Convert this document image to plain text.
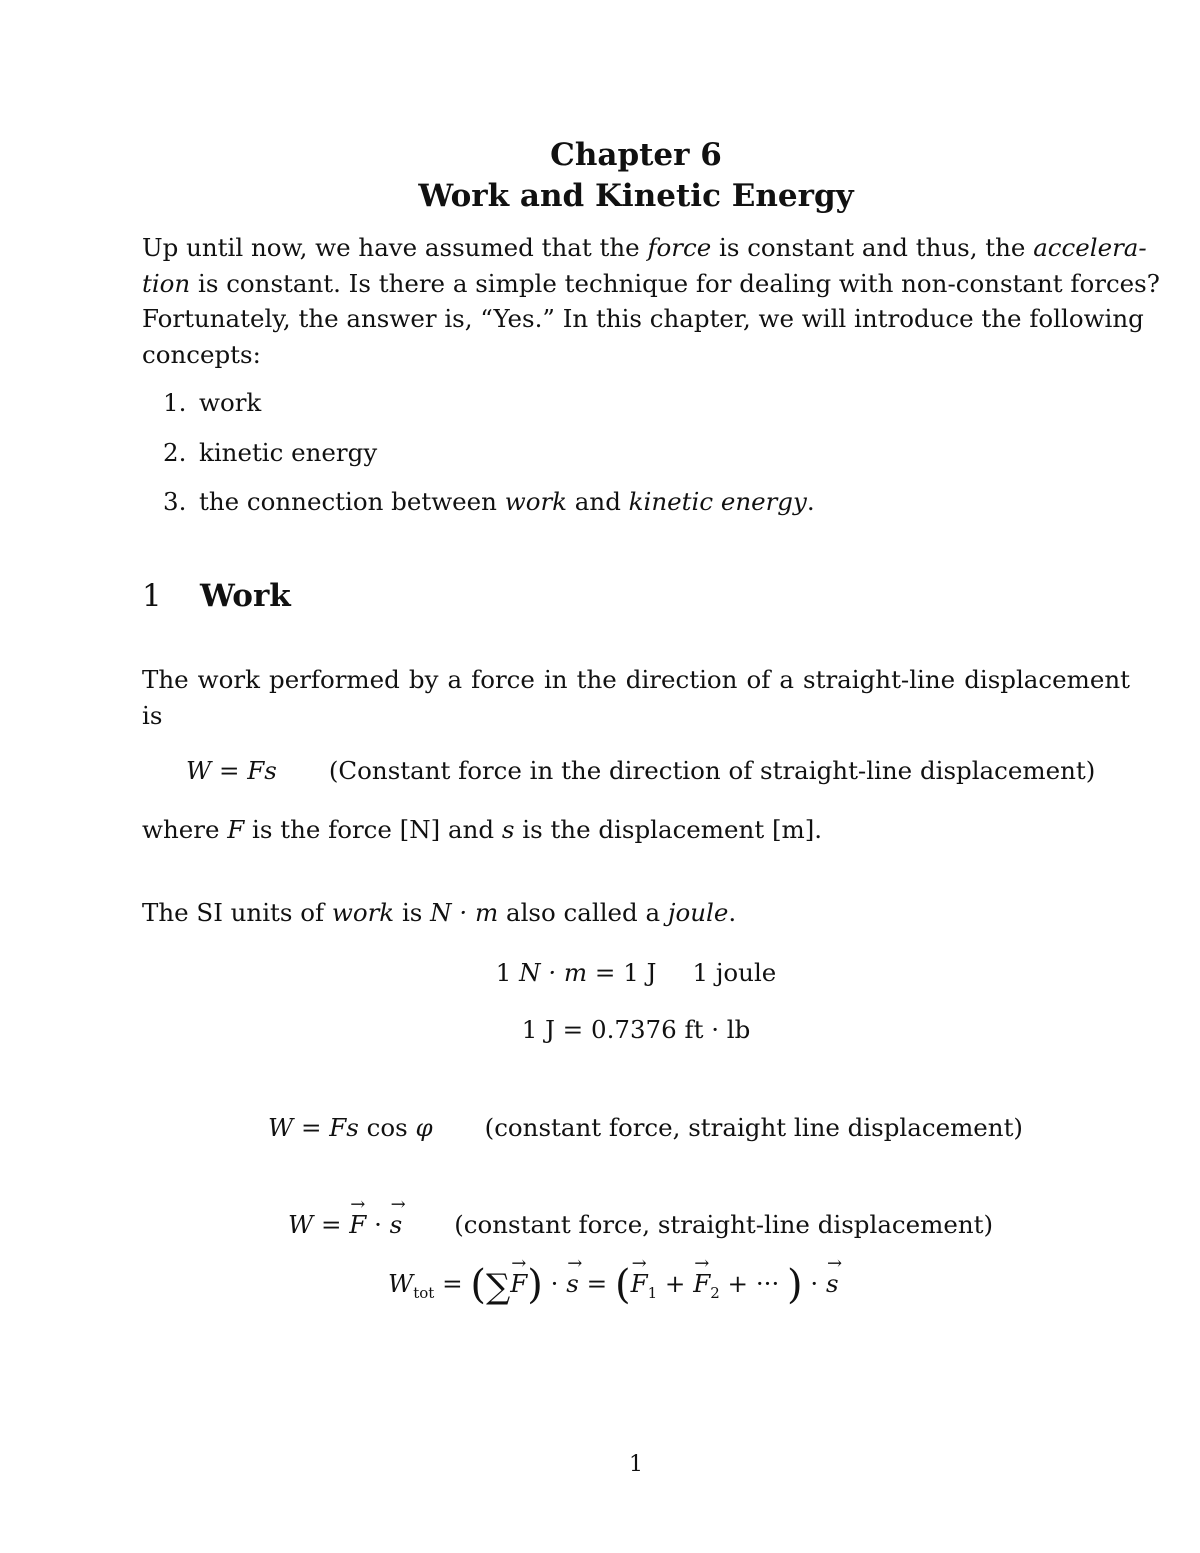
Chapter 6
Work and Kinetic Energy
Up until now, we have assumed that the force is constant and thus, the accelera-
tion is constant. Is there a simple technique for dealing with non-constant forces?
Fortunately, the answer is, “Yes.” In this chapter, we will introduce the following
concepts:
1. work
2. kinetic energy
3. the connection between work and kinetic energy.
1 Work
The work performed by a force in the direction of a straight-line displacement
is
W = Fs (Constant force in the direction of straight-line displacement)
where F is the force [N] and s is the displacement [m].
The SI units of work is N · m also called a joule.
1 N · m = 1 J 1 joule
1 J = 0.7376 ft · lb
W = Fs cos φ (constant force, straight line displacement)
W = → F · → s (constant force, straight-line displacement)
$W_{tot}$ = (∑→ F) · → s = (→ $F_1$ + → $F_2$ + ··· ) · → s
1
